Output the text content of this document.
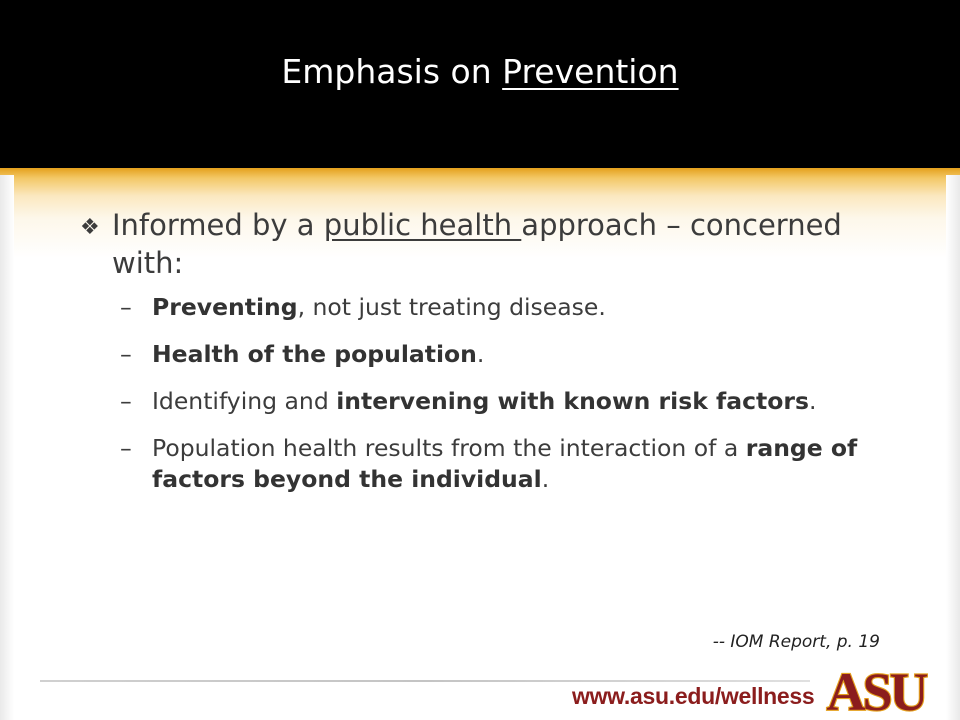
Emphasis on Prevention
❖ Informed by a public health approach – concerned with:
– Preventing, not just treating disease.
– Health of the population.
– Identifying and intervening with known risk factors.
– Population health results from the interaction of a range of factors beyond the individual.
-- IOM Report, p. 19
www.asu.edu/wellness ASU
